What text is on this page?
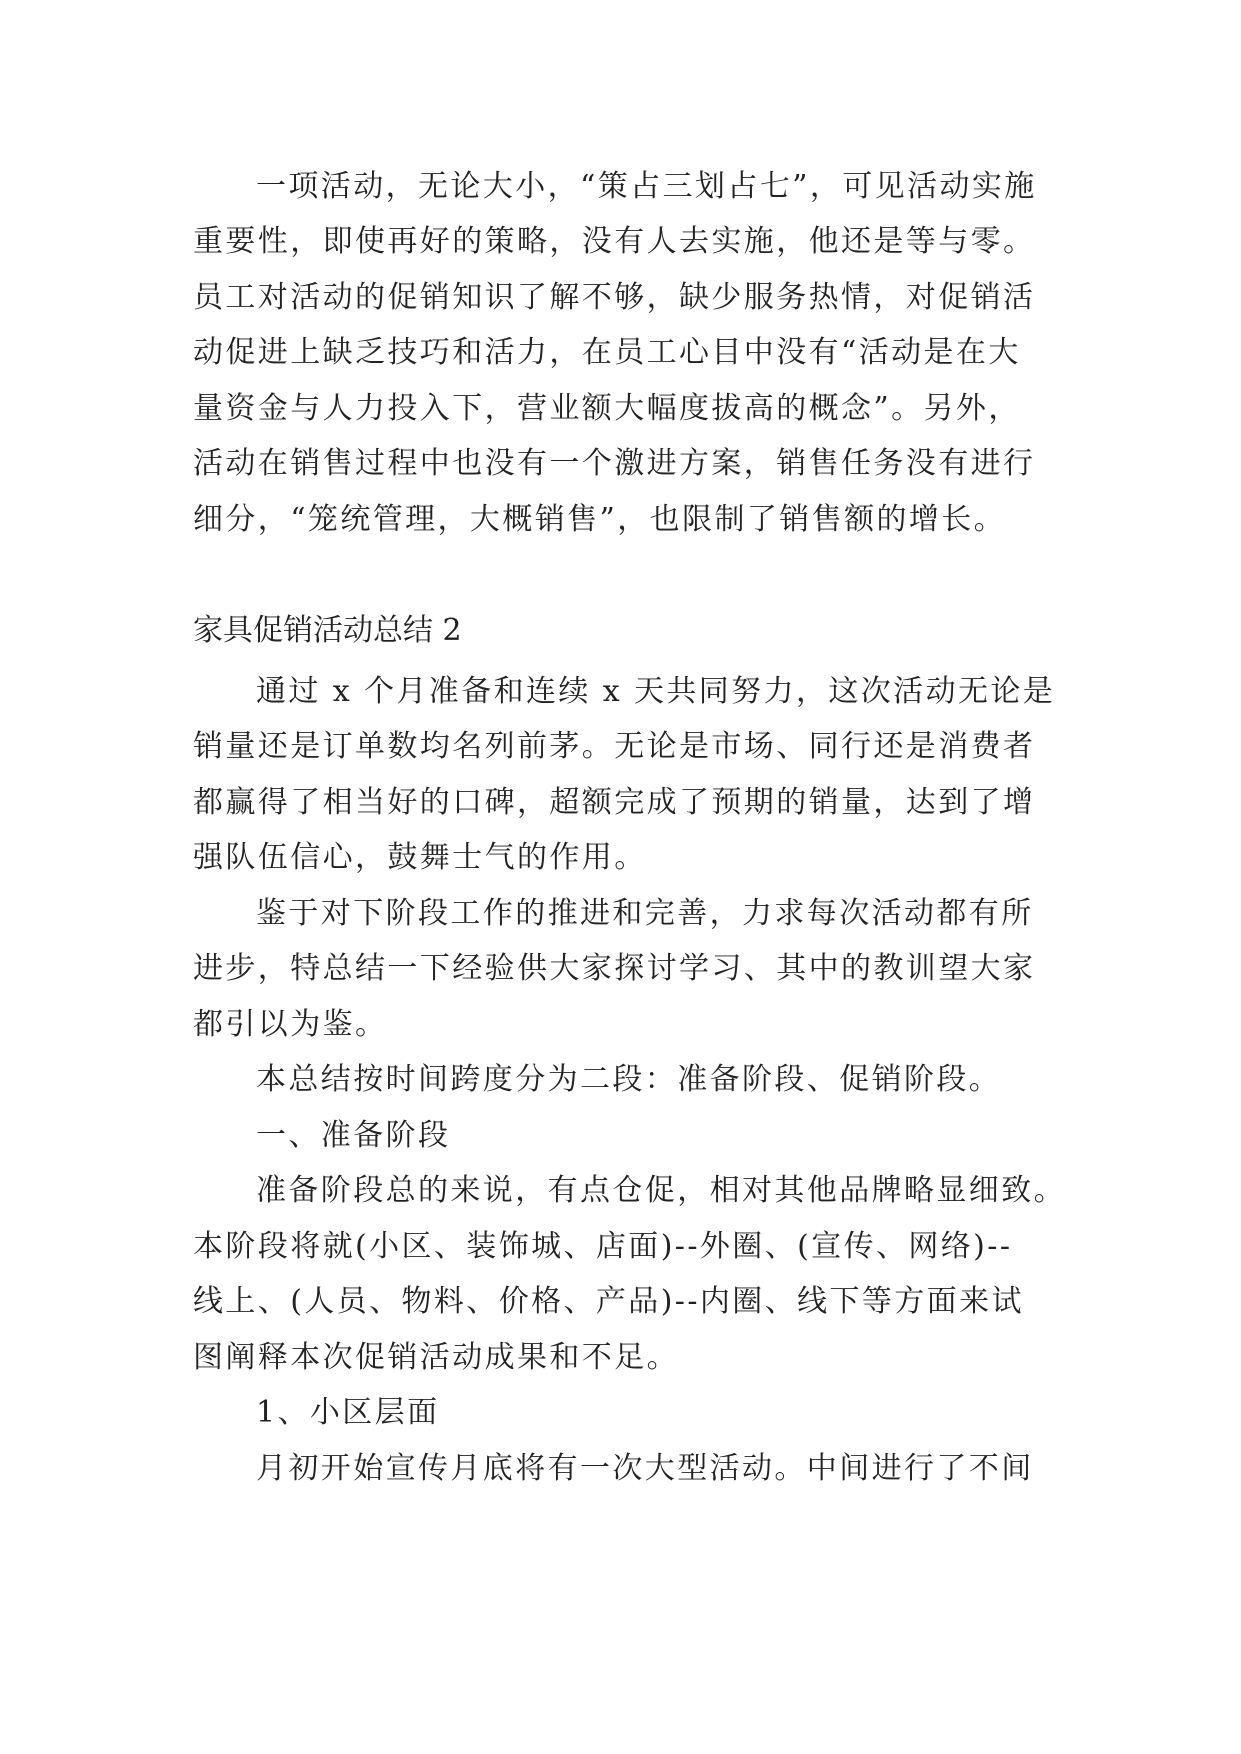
一项活动，无论大小，“策占三划占七”，可见活动实施

重要性，即使再好的策略，没有人去实施，他还是等与零。

员工对活动的促销知识了解不够，缺少服务热情，对促销活

动促进上缺乏技巧和活力，在员工心目中没有“活动是在大

量资金与人力投入下，营业额大幅度拔高的概念”。另外，

活动在销售过程中也没有一个激进方案，销售任务没有进行

细分，“笼统管理，大概销售”，也限制了销售额的增长。

家具促销活动总结 2

通过 x 个月准备和连续 x 天共同努力，这次活动无论是

销量还是订单数均名列前茅。无论是市场、同行还是消费者

都赢得了相当好的口碑，超额完成了预期的销量，达到了增

强队伍信心，鼓舞士气的作用。

鉴于对下阶段工作的推进和完善，力求每次活动都有所

进步，特总结一下经验供大家探讨学习、其中的教训望大家

都引以为鉴。

本总结按时间跨度分为二段：准备阶段、促销阶段。

一、准备阶段

准备阶段总的来说，有点仓促，相对其他品牌略显细致。

本阶段将就(小区、装饰城、店面)--外圈、(宣传、网络)--

线上、(人员、物料、价格、产品)--内圈、线下等方面来试

图阐释本次促销活动成果和不足。

1、小区层面

月初开始宣传月底将有一次大型活动。中间进行了不间
